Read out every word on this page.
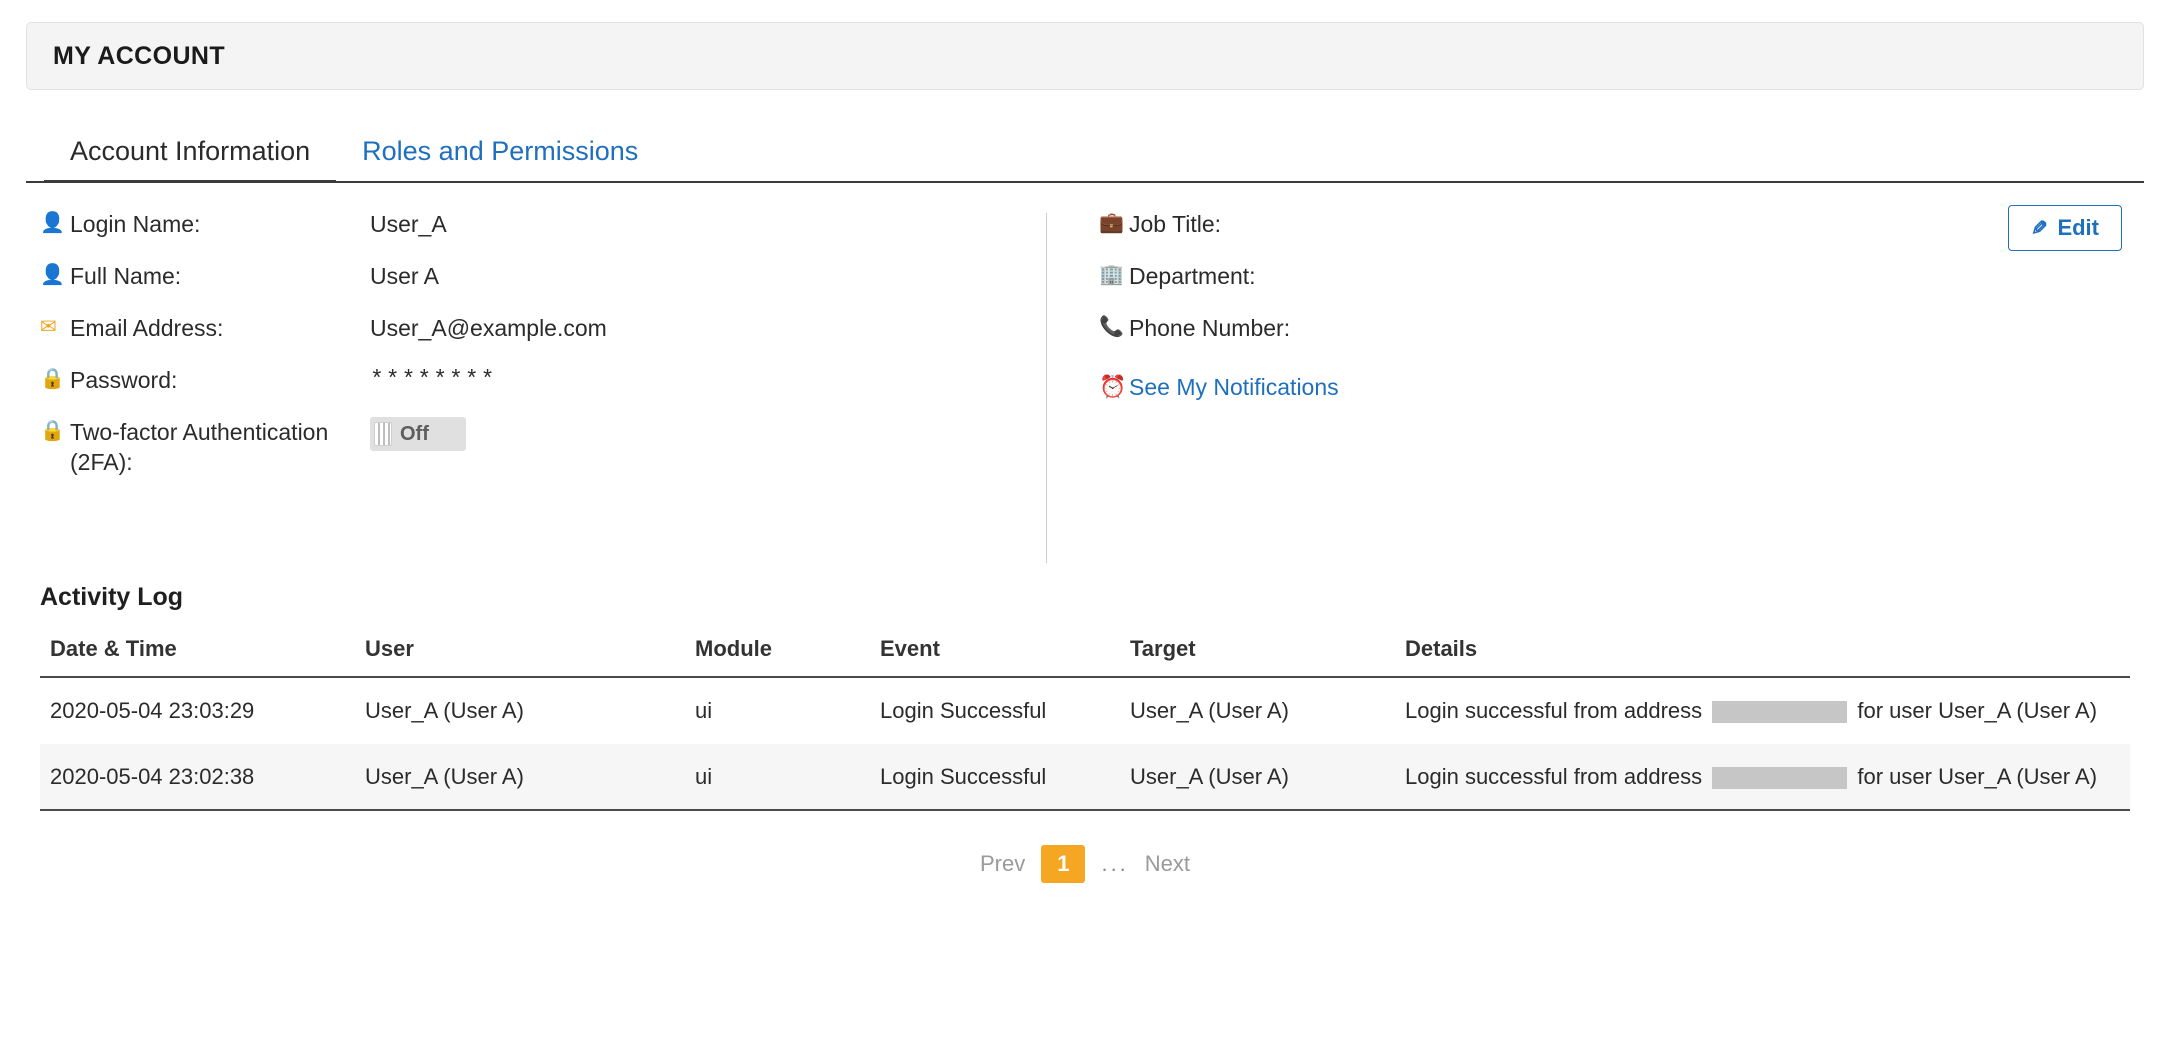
MY ACCOUNT
Account Information	Roles and Permissions
👤 Login Name:	User_A
👤 Full Name:	User A
✉ Email Address:	User_A@example.com
🔒 Password:	********
🔒 Two-factor Authentication (2FA):
Off
💼 Job Title:
🏢 Department:
📞 Phone Number:
⏰ See My Notifications
✎ Edit
Activity Log
Date & Time	User	Module	Event	Target	Details
2020-05-04 23:03:29	User_A (User A)	ui	Login Successful	User_A (User A)	Login successful from address for user User_A (User A)
2020-05-04 23:02:38	User_A (User A)	ui	Login Successful	User_A (User A)	Login successful from address for user User_A (User A)
Prev	1	... Next
